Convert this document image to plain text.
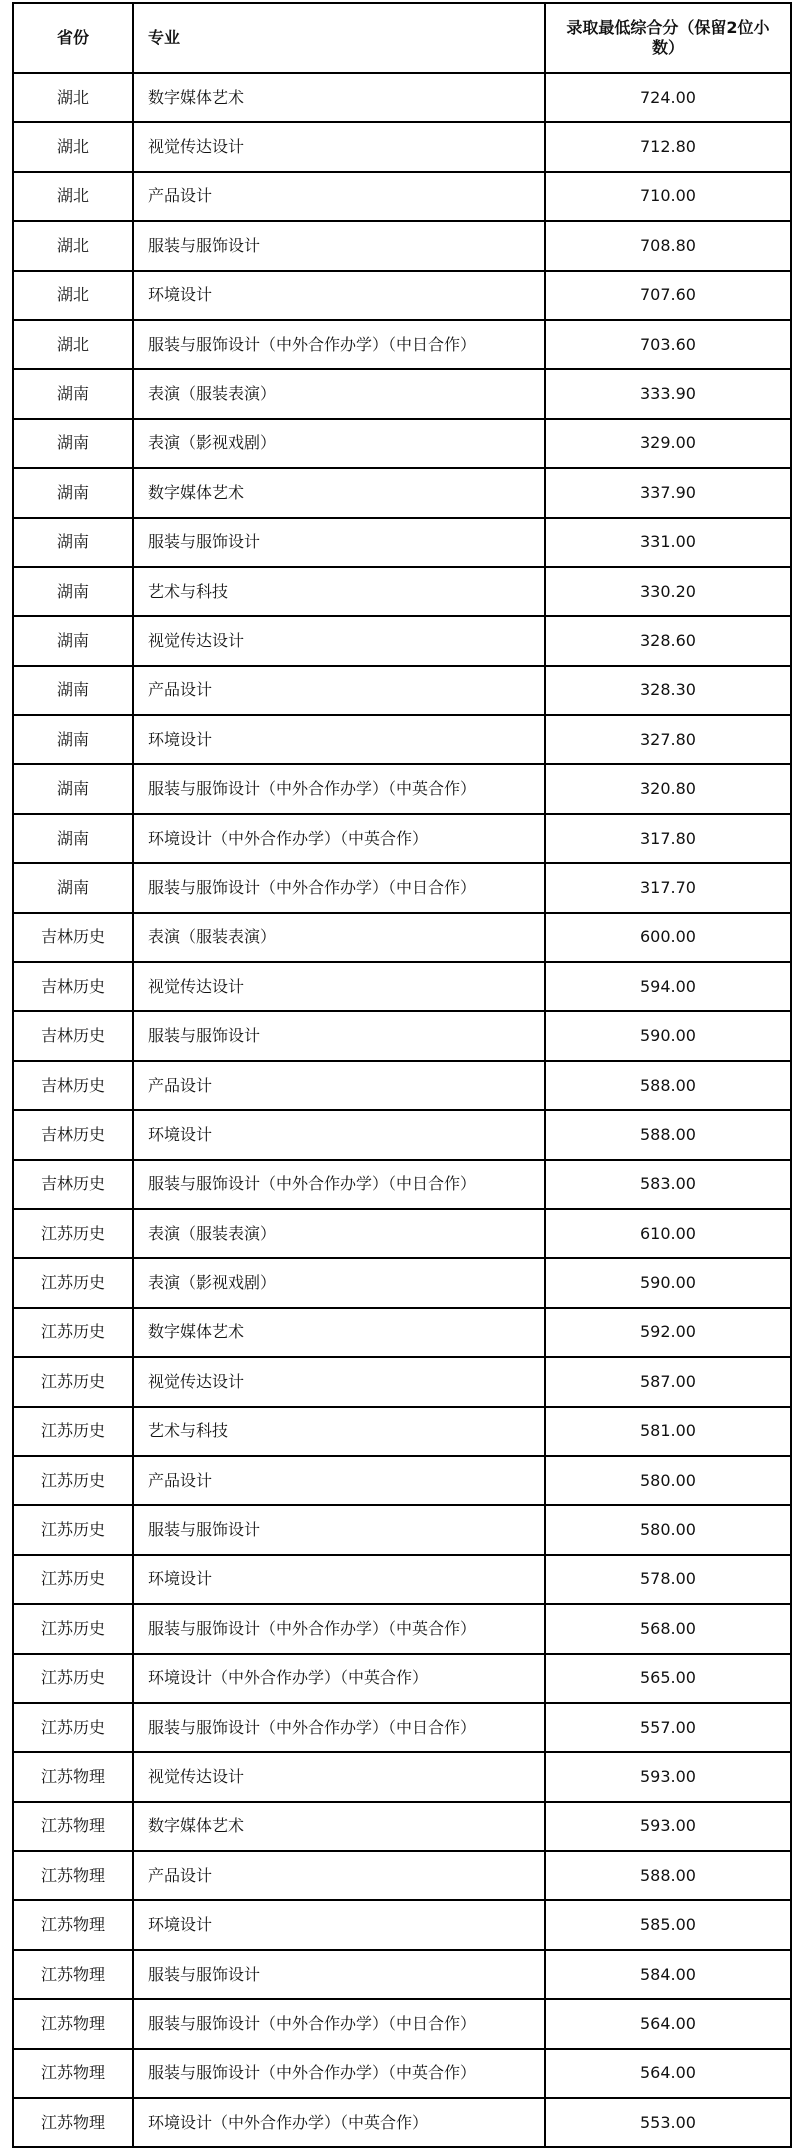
省份	专业	录取最低综合分（保留2位小数）
湖北	数字媒体艺术	724.00
湖北	视觉传达设计	712.80
湖北	产品设计	710.00
湖北	服装与服饰设计	708.80
湖北	环境设计	707.60
湖北	服装与服饰设计（中外合作办学）（中日合作）	703.60
湖南	表演（服装表演）	333.90
湖南	表演（影视戏剧）	329.00
湖南	数字媒体艺术	337.90
湖南	服装与服饰设计	331.00
湖南	艺术与科技	330.20
湖南	视觉传达设计	328.60
湖南	产品设计	328.30
湖南	环境设计	327.80
湖南	服装与服饰设计（中外合作办学）（中英合作）	320.80
湖南	环境设计（中外合作办学）（中英合作）	317.80
湖南	服装与服饰设计（中外合作办学）（中日合作）	317.70
吉林历史	表演（服装表演）	600.00
吉林历史	视觉传达设计	594.00
吉林历史	服装与服饰设计	590.00
吉林历史	产品设计	588.00
吉林历史	环境设计	588.00
吉林历史	服装与服饰设计（中外合作办学）（中日合作）	583.00
江苏历史	表演（服装表演）	610.00
江苏历史	表演（影视戏剧）	590.00
江苏历史	数字媒体艺术	592.00
江苏历史	视觉传达设计	587.00
江苏历史	艺术与科技	581.00
江苏历史	产品设计	580.00
江苏历史	服装与服饰设计	580.00
江苏历史	环境设计	578.00
江苏历史	服装与服饰设计（中外合作办学）（中英合作）	568.00
江苏历史	环境设计（中外合作办学）（中英合作）	565.00
江苏历史	服装与服饰设计（中外合作办学）（中日合作）	557.00
江苏物理	视觉传达设计	593.00
江苏物理	数字媒体艺术	593.00
江苏物理	产品设计	588.00
江苏物理	环境设计	585.00
江苏物理	服装与服饰设计	584.00
江苏物理	服装与服饰设计（中外合作办学）（中日合作）	564.00
江苏物理	服装与服饰设计（中外合作办学）（中英合作）	564.00
江苏物理	环境设计（中外合作办学）（中英合作）	553.00
